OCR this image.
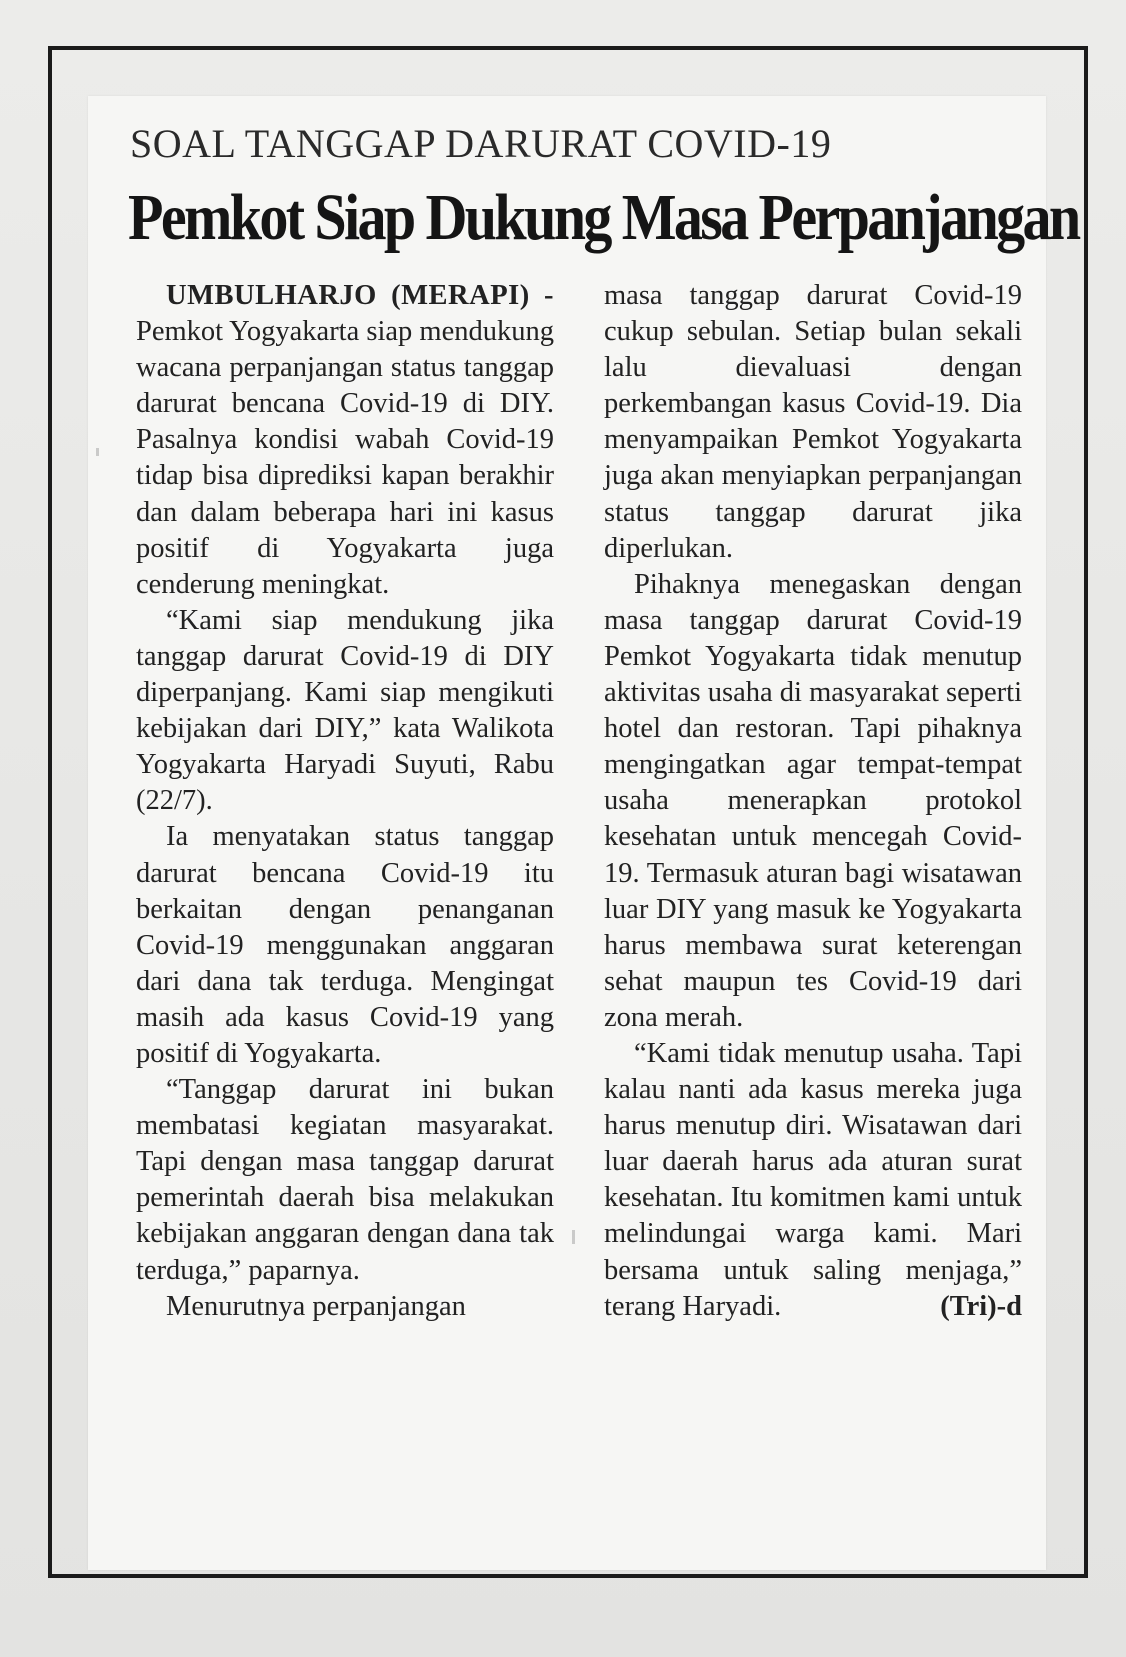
SOAL TANGGAP DARURAT COVID-19
Pemkot Siap Dukung Masa Perpanjangan

UMBULHARJO (MERAPI) - Pemkot Yogyakarta siap mendukung wacana perpanjangan status tanggap darurat bencana Covid-19 di DIY. Pasalnya kondisi wabah Covid-19 tidap bisa diprediksi kapan berakhir dan dalam beberapa hari ini kasus positif di Yogyakarta juga cenderung meningkat.

“Kami siap mendukung jika tanggap darurat Covid-19 di DIY diperpanjang. Kami siap mengikuti kebijakan dari DIY,” kata Walikota Yogyakarta Haryadi Suyuti, Rabu (22/7).

Ia menyatakan status tanggap darurat bencana Covid-19 itu berkaitan dengan penanganan Covid-19 menggunakan anggaran dari dana tak terduga. Mengingat masih ada kasus Covid-19 yang positif di Yogyakarta.

“Tanggap darurat ini bukan membatasi kegiatan masyarakat. Tapi dengan masa tanggap darurat pemerintah daerah bisa melakukan kebijakan anggaran dengan dana tak terduga,” paparnya.

Menurutnya perpanjangan

masa tanggap darurat Covid-19 cukup sebulan. Setiap bulan sekali lalu dievaluasi dengan perkembangan kasus Covid-19. Dia menyampaikan Pemkot Yogyakarta juga akan menyiapkan perpanjangan status tanggap darurat jika diperlukan.

Pihaknya menegaskan dengan masa tanggap darurat Covid-19 Pemkot Yogyakarta tidak menutup aktivitas usaha di masyarakat seperti hotel dan restoran. Tapi pihaknya mengingatkan agar tempat-tempat usaha menerapkan protokol kesehatan untuk mencegah Covid-19. Termasuk aturan bagi wisatawan luar DIY yang masuk ke Yogyakarta harus membawa surat keterengan sehat maupun tes Covid-19 dari zona merah.

“Kami tidak menutup usaha. Tapi kalau nanti ada kasus mereka juga harus menutup diri. Wisatawan dari luar daerah harus ada aturan surat kesehatan. Itu komitmen kami untuk melindungai warga kami. Mari bersama untuk saling menjaga,” terang Haryadi.	(Tri)-d
